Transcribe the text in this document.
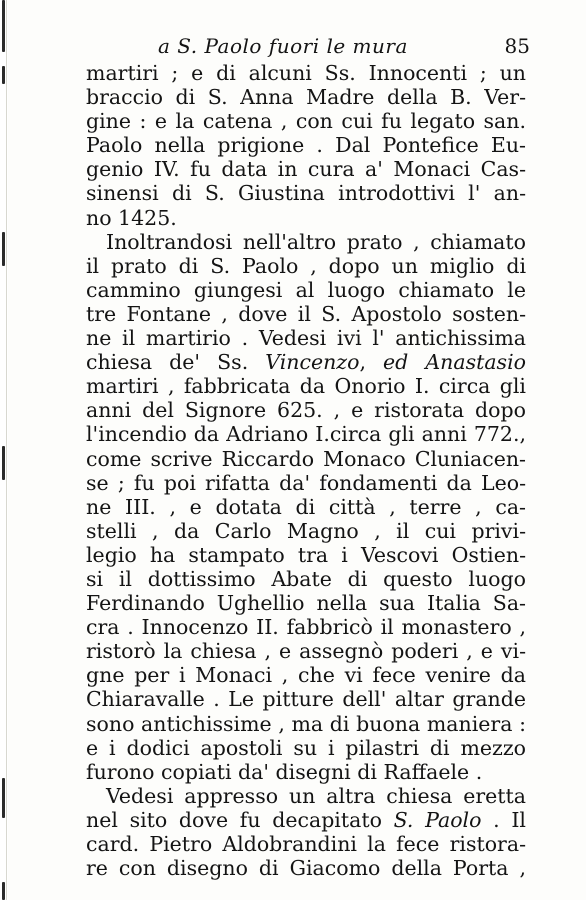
a S. Paolo fuori le mura	85
martiri ; e di alcuni Ss. Innocenti ; un
braccio di S. Anna Madre della B. Ver-
gine : e la catena , con cui fu legato san.
Paolo nella prigione . Dal Pontefice Eu-
genio IV. fu data in cura a' Monaci Cas-
sinensi di S. Giustina introdottivi l' an-
no 1425.
Inoltrandosi nell'altro prato , chiamato
il prato di S. Paolo , dopo un miglio di
cammino giungesi al luogo chiamato le
tre Fontane , dove il S. Apostolo sosten-
ne il martirio . Vedesi ivi l' antichissima
chiesa de' Ss. Vincenzo, ed Anastasio
martiri , fabbricata da Onorio I. circa gli
anni del Signore 625. , e ristorata dopo
l'incendio da Adriano I.circa gli anni 772.,
come scrive Riccardo Monaco Cluniacen-
se ; fu poi rifatta da' fondamenti da Leo-
ne III. , e dotata di città , terre , ca-
stelli , da Carlo Magno , il cui privi-
legio ha stampato tra i Vescovi Ostien-
si il dottissimo Abate di questo luogo
Ferdinando Ughellio nella sua Italia Sa-
cra . Innocenzo II. fabbricò il monastero ,
ristorò la chiesa , e assegnò poderi , e vi-
gne per i Monaci , che vi fece venire da
Chiaravalle . Le pitture dell' altar grande
sono antichissime , ma di buona maniera :
e i dodici apostoli su i pilastri di mezzo
furono copiati da' disegni di Raffaele .
Vedesi appresso un altra chiesa eretta
nel sito dove fu decapitato S. Paolo . Il
card. Pietro Aldobrandini la fece ristora-
re con disegno di Giacomo della Porta ,
